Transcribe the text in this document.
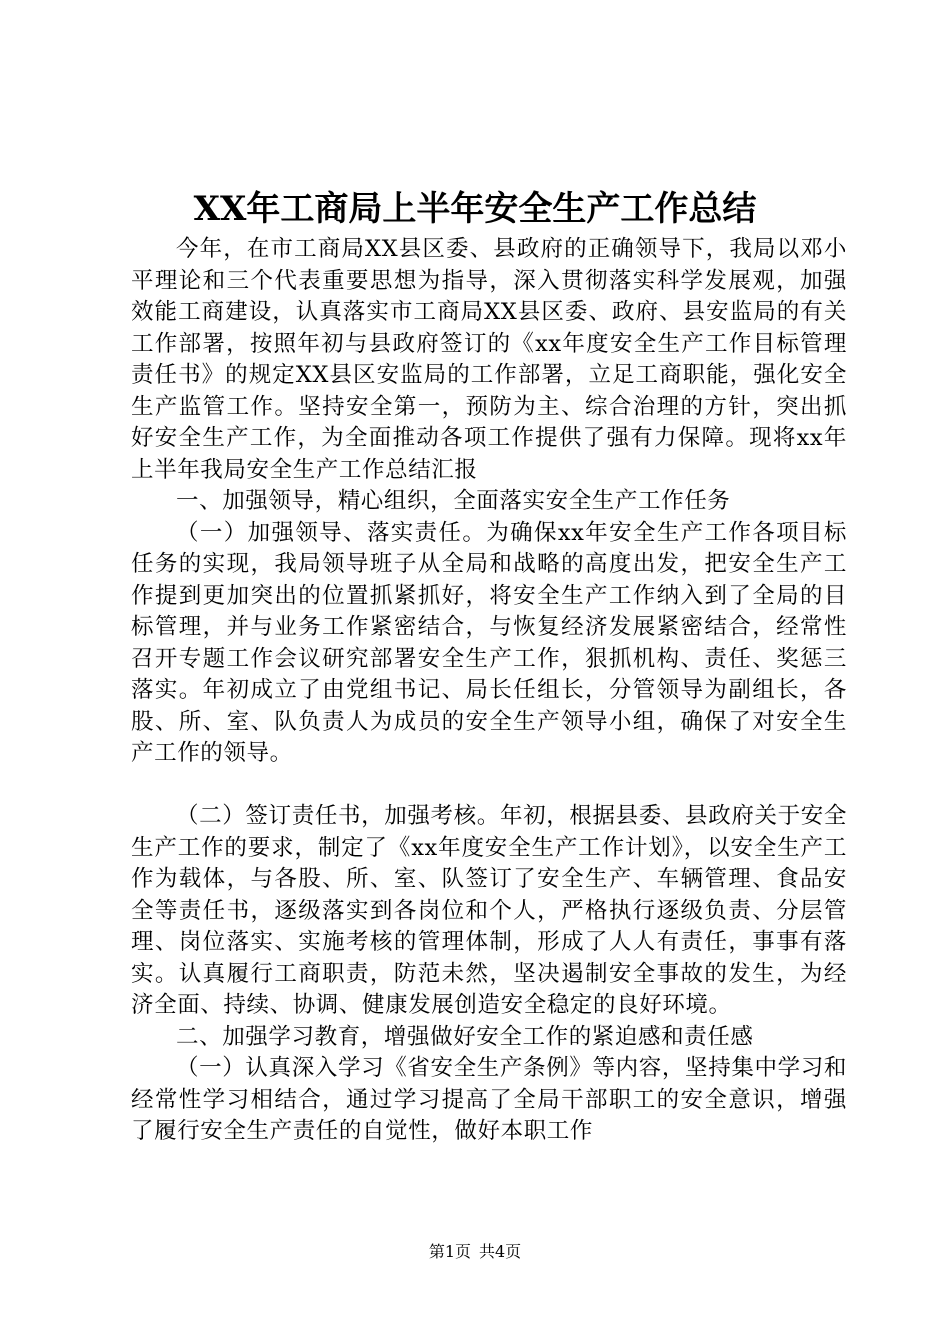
XX年工商局上半年安全生产工作总结

今年，在市工商局XX县区委、县政府的正确领导下，我局以邓小平理论和三个代表重要思想为指导，深入贯彻落实科学发展观，加强效能工商建设，认真落实市工商局XX县区委、政府、县安监局的有关工作部署，按照年初与县政府签订的《xx年度安全生产工作目标管理责任书》的规定XX县区安监局的工作部署，立足工商职能，强化安全生产监管工作。坚持安全第一，预防为主、综合治理的方针，突出抓好安全生产工作，为全面推动各项工作提供了强有力保障。现将xx年上半年我局安全生产工作总结汇报

一、加强领导，精心组织，全面落实安全生产工作任务

（一）加强领导、落实责任。为确保xx年安全生产工作各项目标任务的实现，我局领导班子从全局和战略的高度出发，把安全生产工作提到更加突出的位置抓紧抓好，将安全生产工作纳入到了全局的目标管理，并与业务工作紧密结合，与恢复经济发展紧密结合，经常性召开专题工作会议研究部署安全生产工作，狠抓机构、责任、奖惩三落实。年初成立了由党组书记、局长任组长，分管领导为副组长，各股、所、室、队负责人为成员的安全生产领导小组，确保了对安全生产工作的领导。

（二）签订责任书，加强考核。年初，根据县委、县政府关于安全生产工作的要求，制定了《xx年度安全生产工作计划》，以安全生产工作为载体，与各股、所、室、队签订了安全生产、车辆管理、食品安全等责任书，逐级落实到各岗位和个人，严格执行逐级负责、分层管理、岗位落实、实施考核的管理体制，形成了人人有责任，事事有落实。认真履行工商职责，防范未然，坚决遏制安全事故的发生，为经济全面、持续、协调、健康发展创造安全稳定的良好环境。

二、加强学习教育，增强做好安全工作的紧迫感和责任感

（一）认真深入学习《省安全生产条例》等内容，坚持集中学习和经常性学习相结合，通过学习提高了全局干部职工的安全意识，增强了履行安全生产责任的自觉性，做好本职工作

第1页 共4页
